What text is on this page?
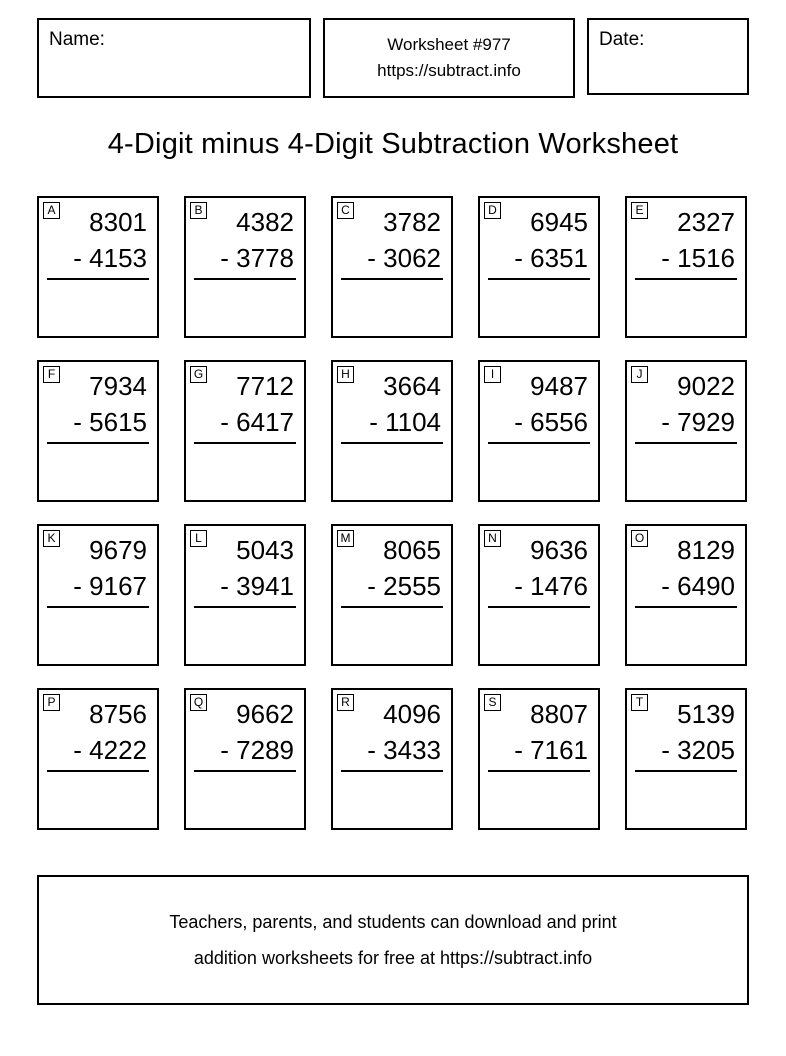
Name:	Worksheet #977
https://subtract.info
Date:
4-Digit minus 4-Digit Subtraction Worksheet
A	8301
- 4153

B	4382
- 3778

C	3782
- 3062

D	6945
- 6351

E	2327
- 1516

F	7934
- 5615

G	7712
- 6417

H	3664
- 1104

I	9487
- 6556

J	9022
- 7929

K	9679
- 9167

L	5043
- 3941

M	8065
- 2555

N	9636
- 1476

O	8129
- 6490

P	8756
- 4222

Q	9662
- 7289

R	4096
- 3433

S	8807
- 7161

T	5139
- 3205

Teachers, parents, and students can download and print
addition worksheets for free at https://subtract.info
